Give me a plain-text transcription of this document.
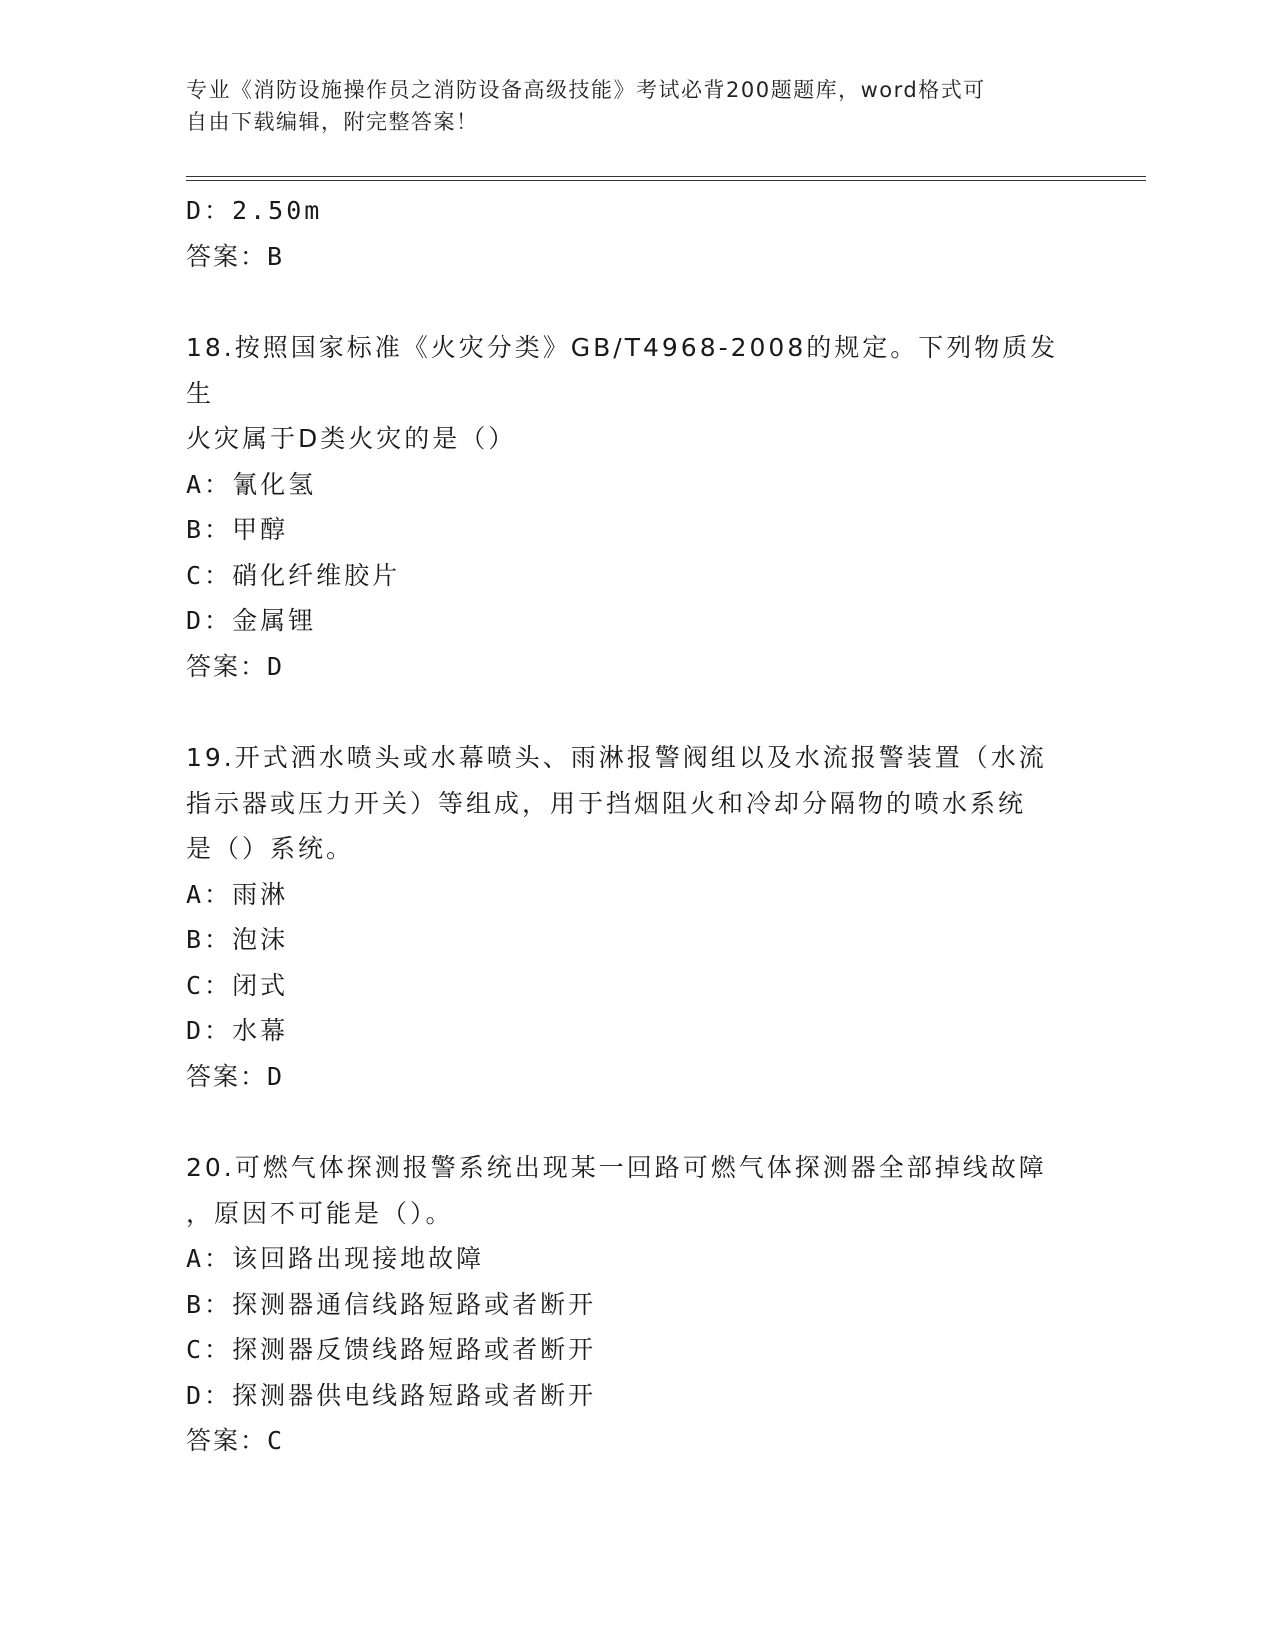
专业《消防设施操作员之消防设备高级技能》考试必背200题题库，word格式可
自由下载编辑，附完整答案！
D：2.50m
答案：B
18.按照国家标准《火灾分类》GB/T4968-2008的规定。下列物质发生
火灾属于D类火灾的是（）
A：氰化氢
B：甲醇
C：硝化纤维胶片
D：金属锂
答案：D
19.开式洒水喷头或水幕喷头、雨淋报警阀组以及水流报警装置（水流
指示器或压力开关）等组成，用于挡烟阻火和冷却分隔物的喷水系统
是（）系统。
A：雨淋
B：泡沫
C：闭式
D：水幕
答案：D
20.可燃气体探测报警系统出现某一回路可燃气体探测器全部掉线故障
，原因不可能是（）。
A：该回路出现接地故障
B：探测器通信线路短路或者断开
C：探测器反馈线路短路或者断开
D：探测器供电线路短路或者断开
答案：C
